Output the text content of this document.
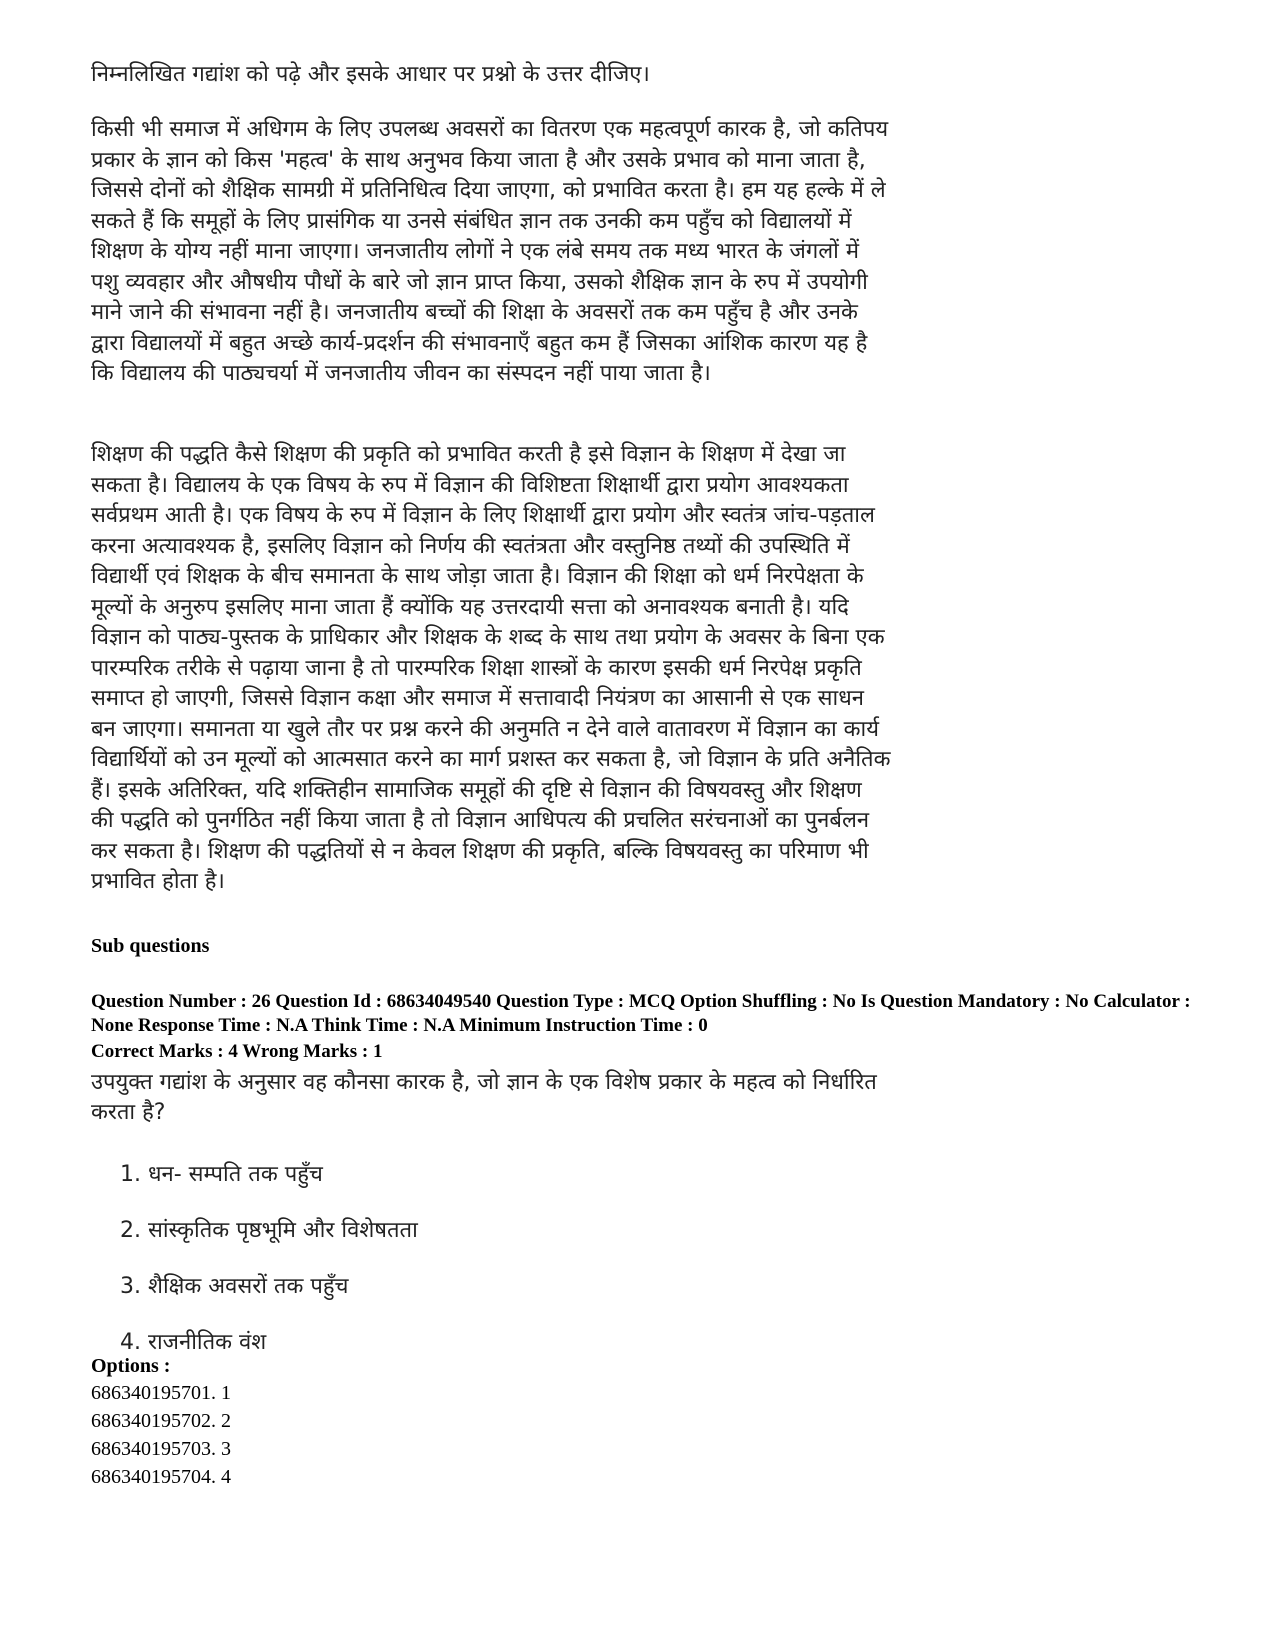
निम्नलिखित गद्यांश को पढ़े और इसके आधार पर प्रश्नो के उत्तर दीजिए।

किसी भी समाज में अधिगम के लिए उपलब्ध अवसरों का वितरण एक महत्वपूर्ण कारक है, जो कतिपय प्रकार के ज्ञान को किस 'महत्व' के साथ अनुभव किया जाता है और उसके प्रभाव को माना जाता है, जिससे दोनों को शैक्षिक सामग्री में प्रतिनिधित्व दिया जाएगा, को प्रभावित करता है। हम यह हल्के में ले सकते हैं कि समूहों के लिए प्रासंगिक या उनसे संबंधित ज्ञान तक उनकी कम पहुँच को विद्यालयों में शिक्षण के योग्य नहीं माना जाएगा। जनजातीय लोगों ने एक लंबे समय तक मध्य भारत के जंगलों में पशु व्यवहार और औषधीय पौधों के बारे जो ज्ञान प्राप्त किया, उसको शैक्षिक ज्ञान के रुप में उपयोगी माने जाने की संभावना नहीं है। जनजातीय बच्चों की शिक्षा के अवसरों तक कम पहुँच है और उनके द्वारा विद्यालयों में बहुत अच्छे कार्य-प्रदर्शन की संभावनाएँ बहुत कम हैं जिसका आंशिक कारण यह है कि विद्यालय की पाठ्यचर्या में जनजातीय जीवन का संस्पदन नहीं पाया जाता है।

शिक्षण की पद्धति कैसे शिक्षण की प्रकृति को प्रभावित करती है इसे विज्ञान के शिक्षण में देखा जा सकता है। विद्यालय के एक विषय के रुप में विज्ञान की विशिष्टता शिक्षार्थी द्वारा प्रयोग आवश्यकता सर्वप्रथम आती है। एक विषय के रुप में विज्ञान के लिए शिक्षार्थी द्वारा प्रयोग और स्वतंत्र जांच-पड़ताल करना अत्यावश्यक है, इसलिए विज्ञान को निर्णय की स्वतंत्रता और वस्तुनिष्ठ तथ्यों की उपस्थिति में विद्यार्थी एवं शिक्षक के बीच समानता के साथ जोड़ा जाता है। विज्ञान की शिक्षा को धर्म निरपेक्षता के मूल्यों के अनुरुप इसलिए माना जाता हैं क्योंकि यह उत्तरदायी सत्ता को अनावश्यक बनाती है। यदि विज्ञान को पाठ्य-पुस्तक के प्राधिकार और शिक्षक के शब्द के साथ तथा प्रयोग के अवसर के बिना एक पारम्परिक तरीके से पढ़ाया जाना है तो पारम्परिक शिक्षा शास्त्रों के कारण इसकी धर्म निरपेक्ष प्रकृति समाप्त हो जाएगी, जिससे विज्ञान कक्षा और समाज में सत्तावादी नियंत्रण का आसानी से एक साधन बन जाएगा। समानता या खुले तौर पर प्रश्न करने की अनुमति न देने वाले वातावरण में विज्ञान का कार्य विद्यार्थियों को उन मूल्यों को आत्मसात करने का मार्ग प्रशस्त कर सकता है, जो विज्ञान के प्रति अनैतिक हैं। इसके अतिरिक्त, यदि शक्तिहीन सामाजिक समूहों की दृष्टि से विज्ञान की विषयवस्तु और शिक्षण की पद्धति को पुनर्गठित नहीं किया जाता है तो विज्ञान आधिपत्य की प्रचलित सरंचनाओं का पुनर्बलन कर सकता है। शिक्षण की पद्धतियों से न केवल शिक्षण की प्रकृति, बल्कि विषयवस्तु का परिमाण भी प्रभावित होता है।

Sub questions

Question Number : 26 Question Id : 68634049540 Question Type : MCQ Option Shuffling : No Is Question Mandatory : No Calculator : None Response Time : N.A Think Time : N.A Minimum Instruction Time : 0

Correct Marks : 4 Wrong Marks : 1

उपयुक्त गद्यांश के अनुसार वह कौनसा कारक है, जो ज्ञान के एक विशेष प्रकार के महत्व को निर्धारित करता है?

1. धन- सम्पति तक पहुँच

2. सांस्कृतिक पृष्ठभूमि और विशेषतता

3. शैक्षिक अवसरों तक पहुँच

4. राजनीतिक वंश

Options :

686340195701. 1

686340195702. 2

686340195703. 3

686340195704. 4
